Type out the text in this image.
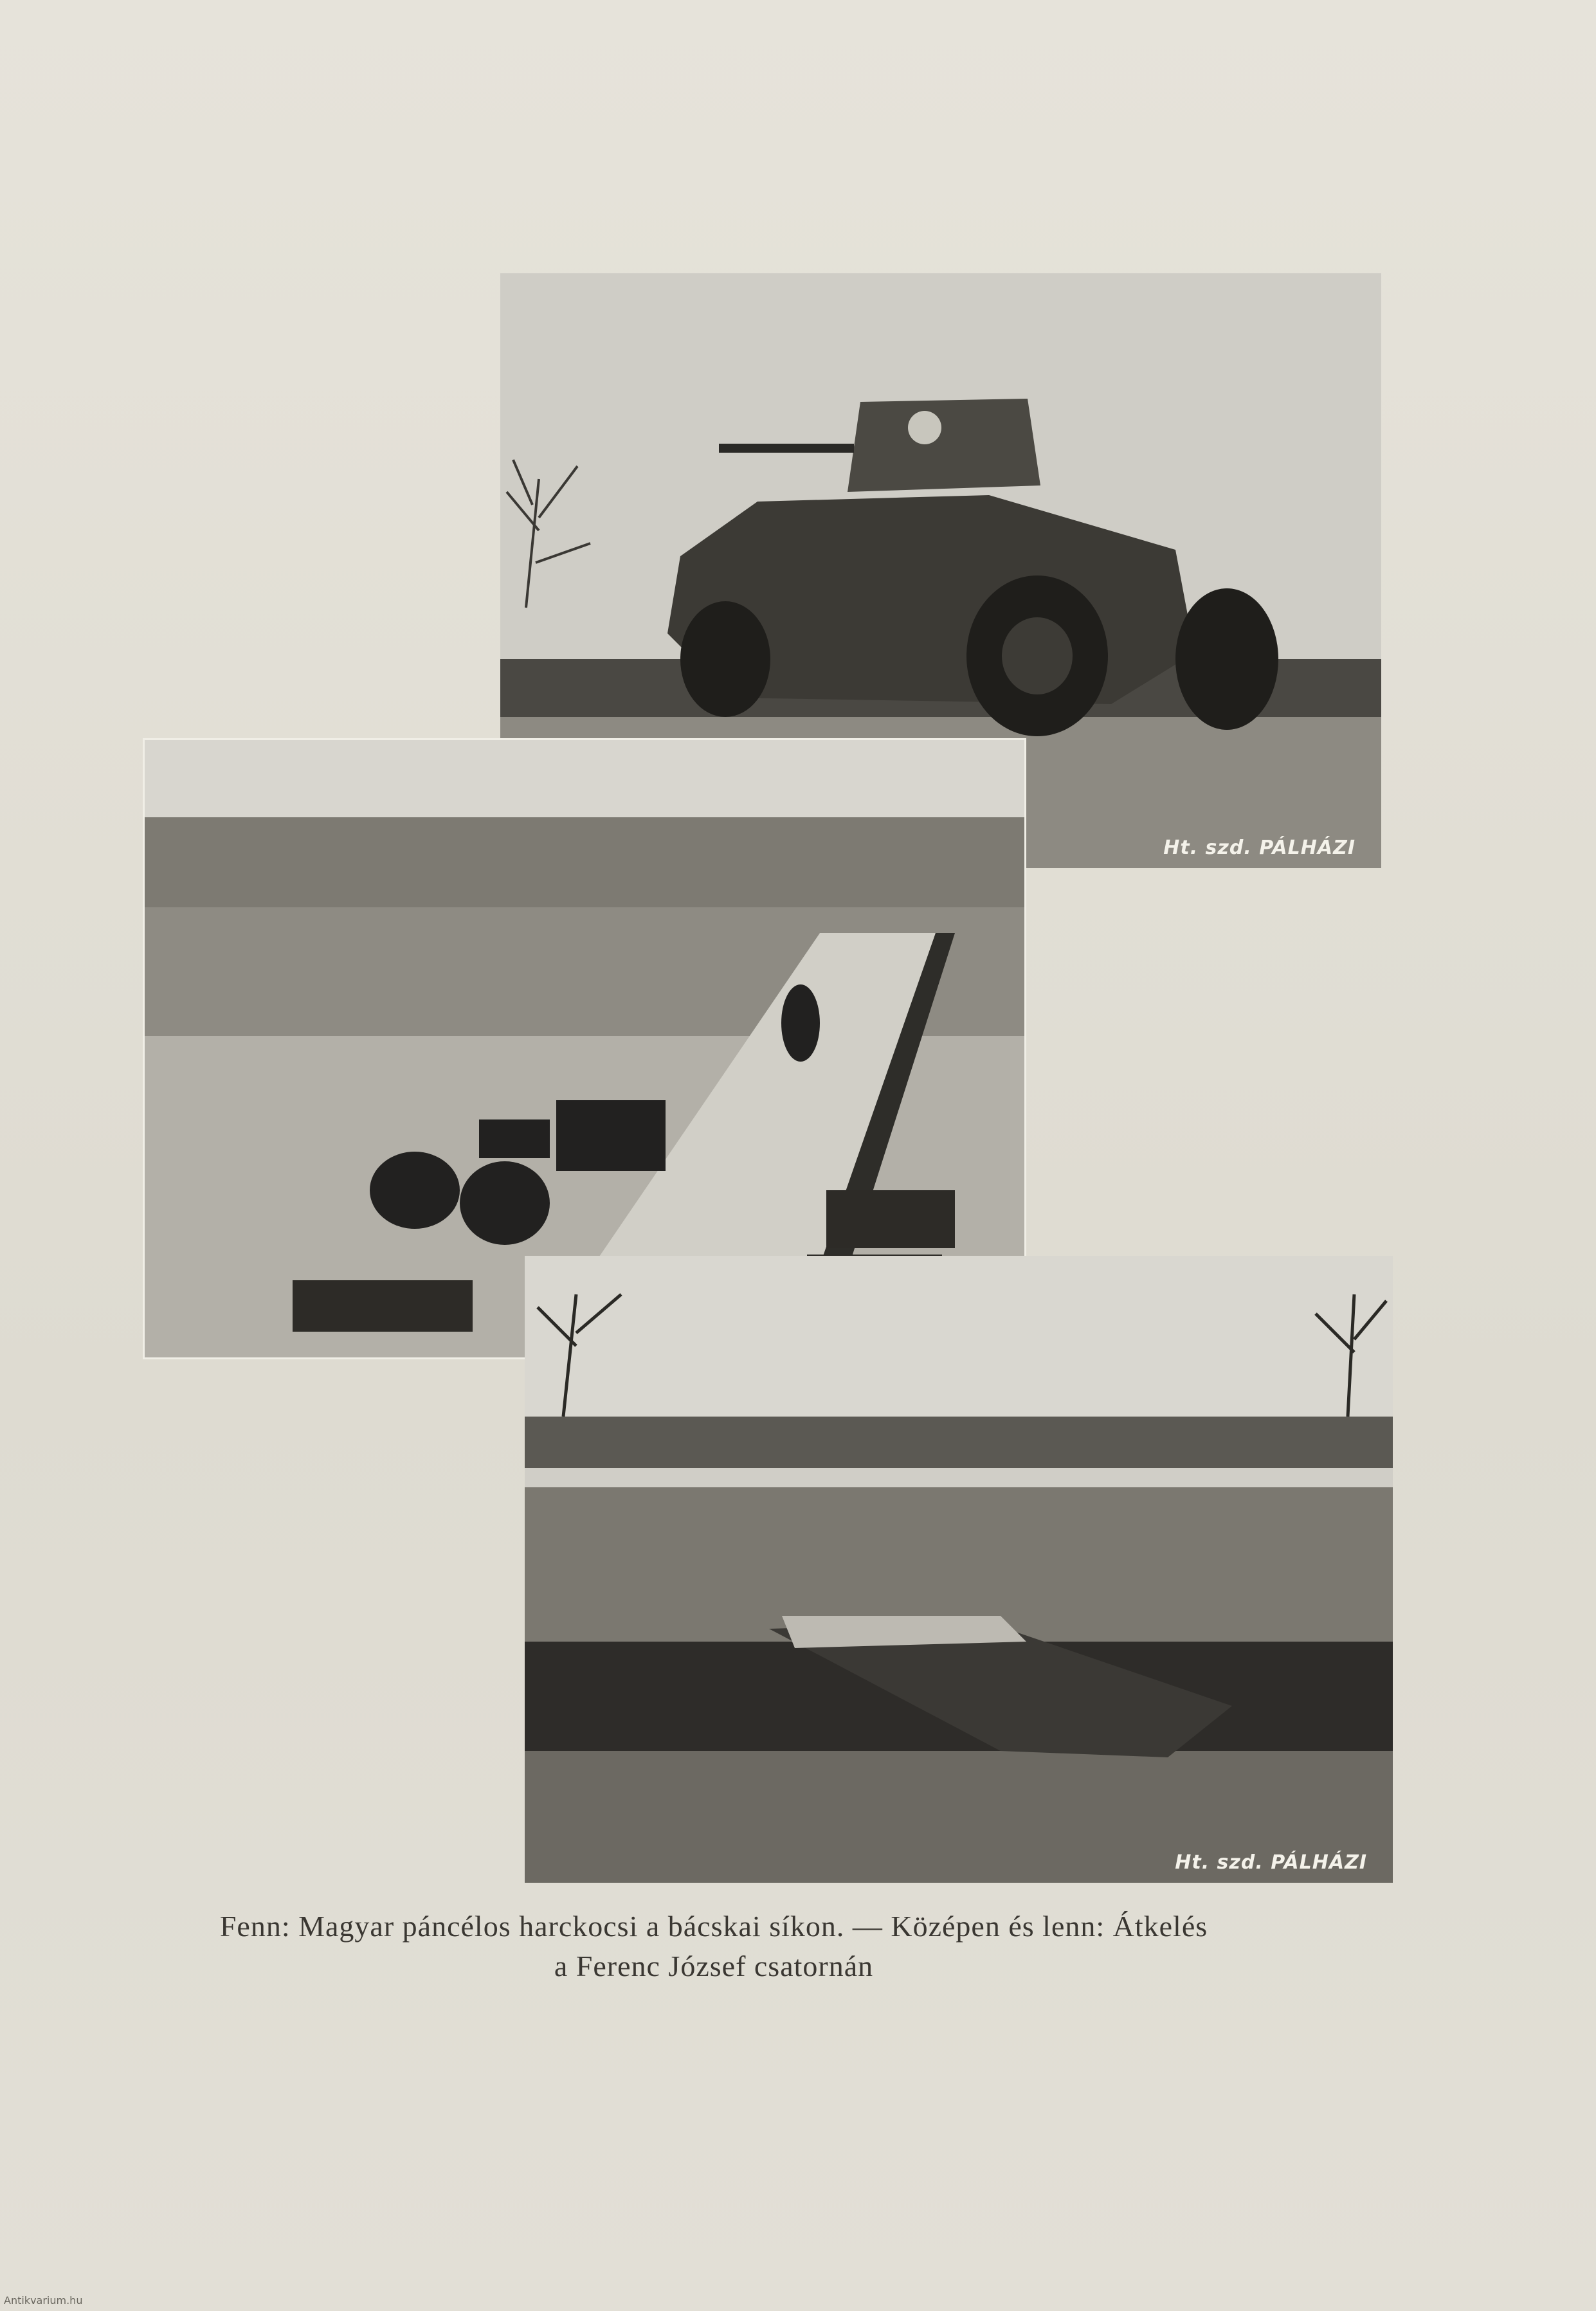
Ht. szd. PÁLHÁZI
Ht. szd. PÁLHÁZI
Fenn: Magyar páncélos harckocsi a bácskai síkon. — Középen és lenn: Átkelés
a Ferenc József csatornán
Antikvarium.hu
